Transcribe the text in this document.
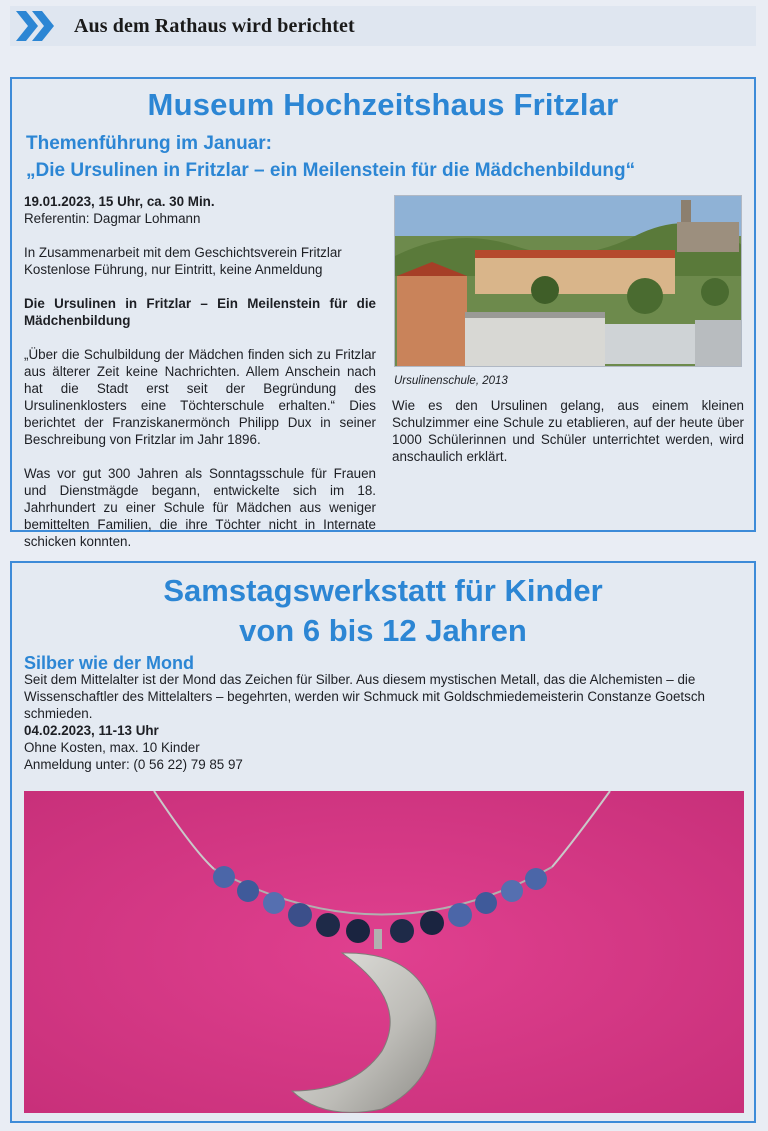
Aus dem Rathaus wird berichtet
Museum Hochzeitshaus Fritzlar
Themenführung im Januar:
„Die Ursulinen in Fritzlar – ein Meilenstein für die Mädchenbildung“
19.01.2023, 15 Uhr, ca. 30 Min.

Referentin: Dagmar Lohmann

In Zusammenarbeit mit dem Geschichtsverein Fritzlar

Kostenlose Führung, nur Eintritt, keine Anmeldung

Die Ursulinen in Fritzlar – Ein Meilenstein für die Mädchenbildung

„Über die Schulbildung der Mädchen finden sich zu Fritzlar aus älterer Zeit keine Nachrichten. Allem Anschein nach hat die Stadt erst seit der Begründung des Ursulinenklosters eine Töchterschule erhalten.“ Dies berichtet der Franziskanermönch Philipp Dux in seiner Beschreibung von Fritzlar im Jahr 1896.

Was vor gut 300 Jahren als Sonntagsschule für Frauen und Dienstmägde begann, entwickelte sich im 18. Jahrhundert zu einer Schule für Mädchen aus weniger bemittelten Familien, die ihre Töchter nicht in Internate schicken konnten.

Ursulinenschule, 2013

Wie es den Ursulinen gelang, aus einem kleinen Schulzimmer eine Schule zu etablieren, auf der heute über 1000 Schülerinnen und Schüler unterrichtet werden, wird anschaulich erklärt.

Samstagswerkstatt für Kinder
von 6 bis 12 Jahren
Silber wie der Mond
Seit dem Mittelalter ist der Mond das Zeichen für Silber. Aus diesem mystischen Metall, das die Alchemisten – die Wissenschaftler des Mittelalters – begehrten, werden wir Schmuck mit Goldschmiedemeisterin Constanze Goetsch schmieden.
04.02.2023, 11-13 Uhr
Ohne Kosten, max. 10 Kinder
Anmeldung unter: (0 56 22) 79 85 97
